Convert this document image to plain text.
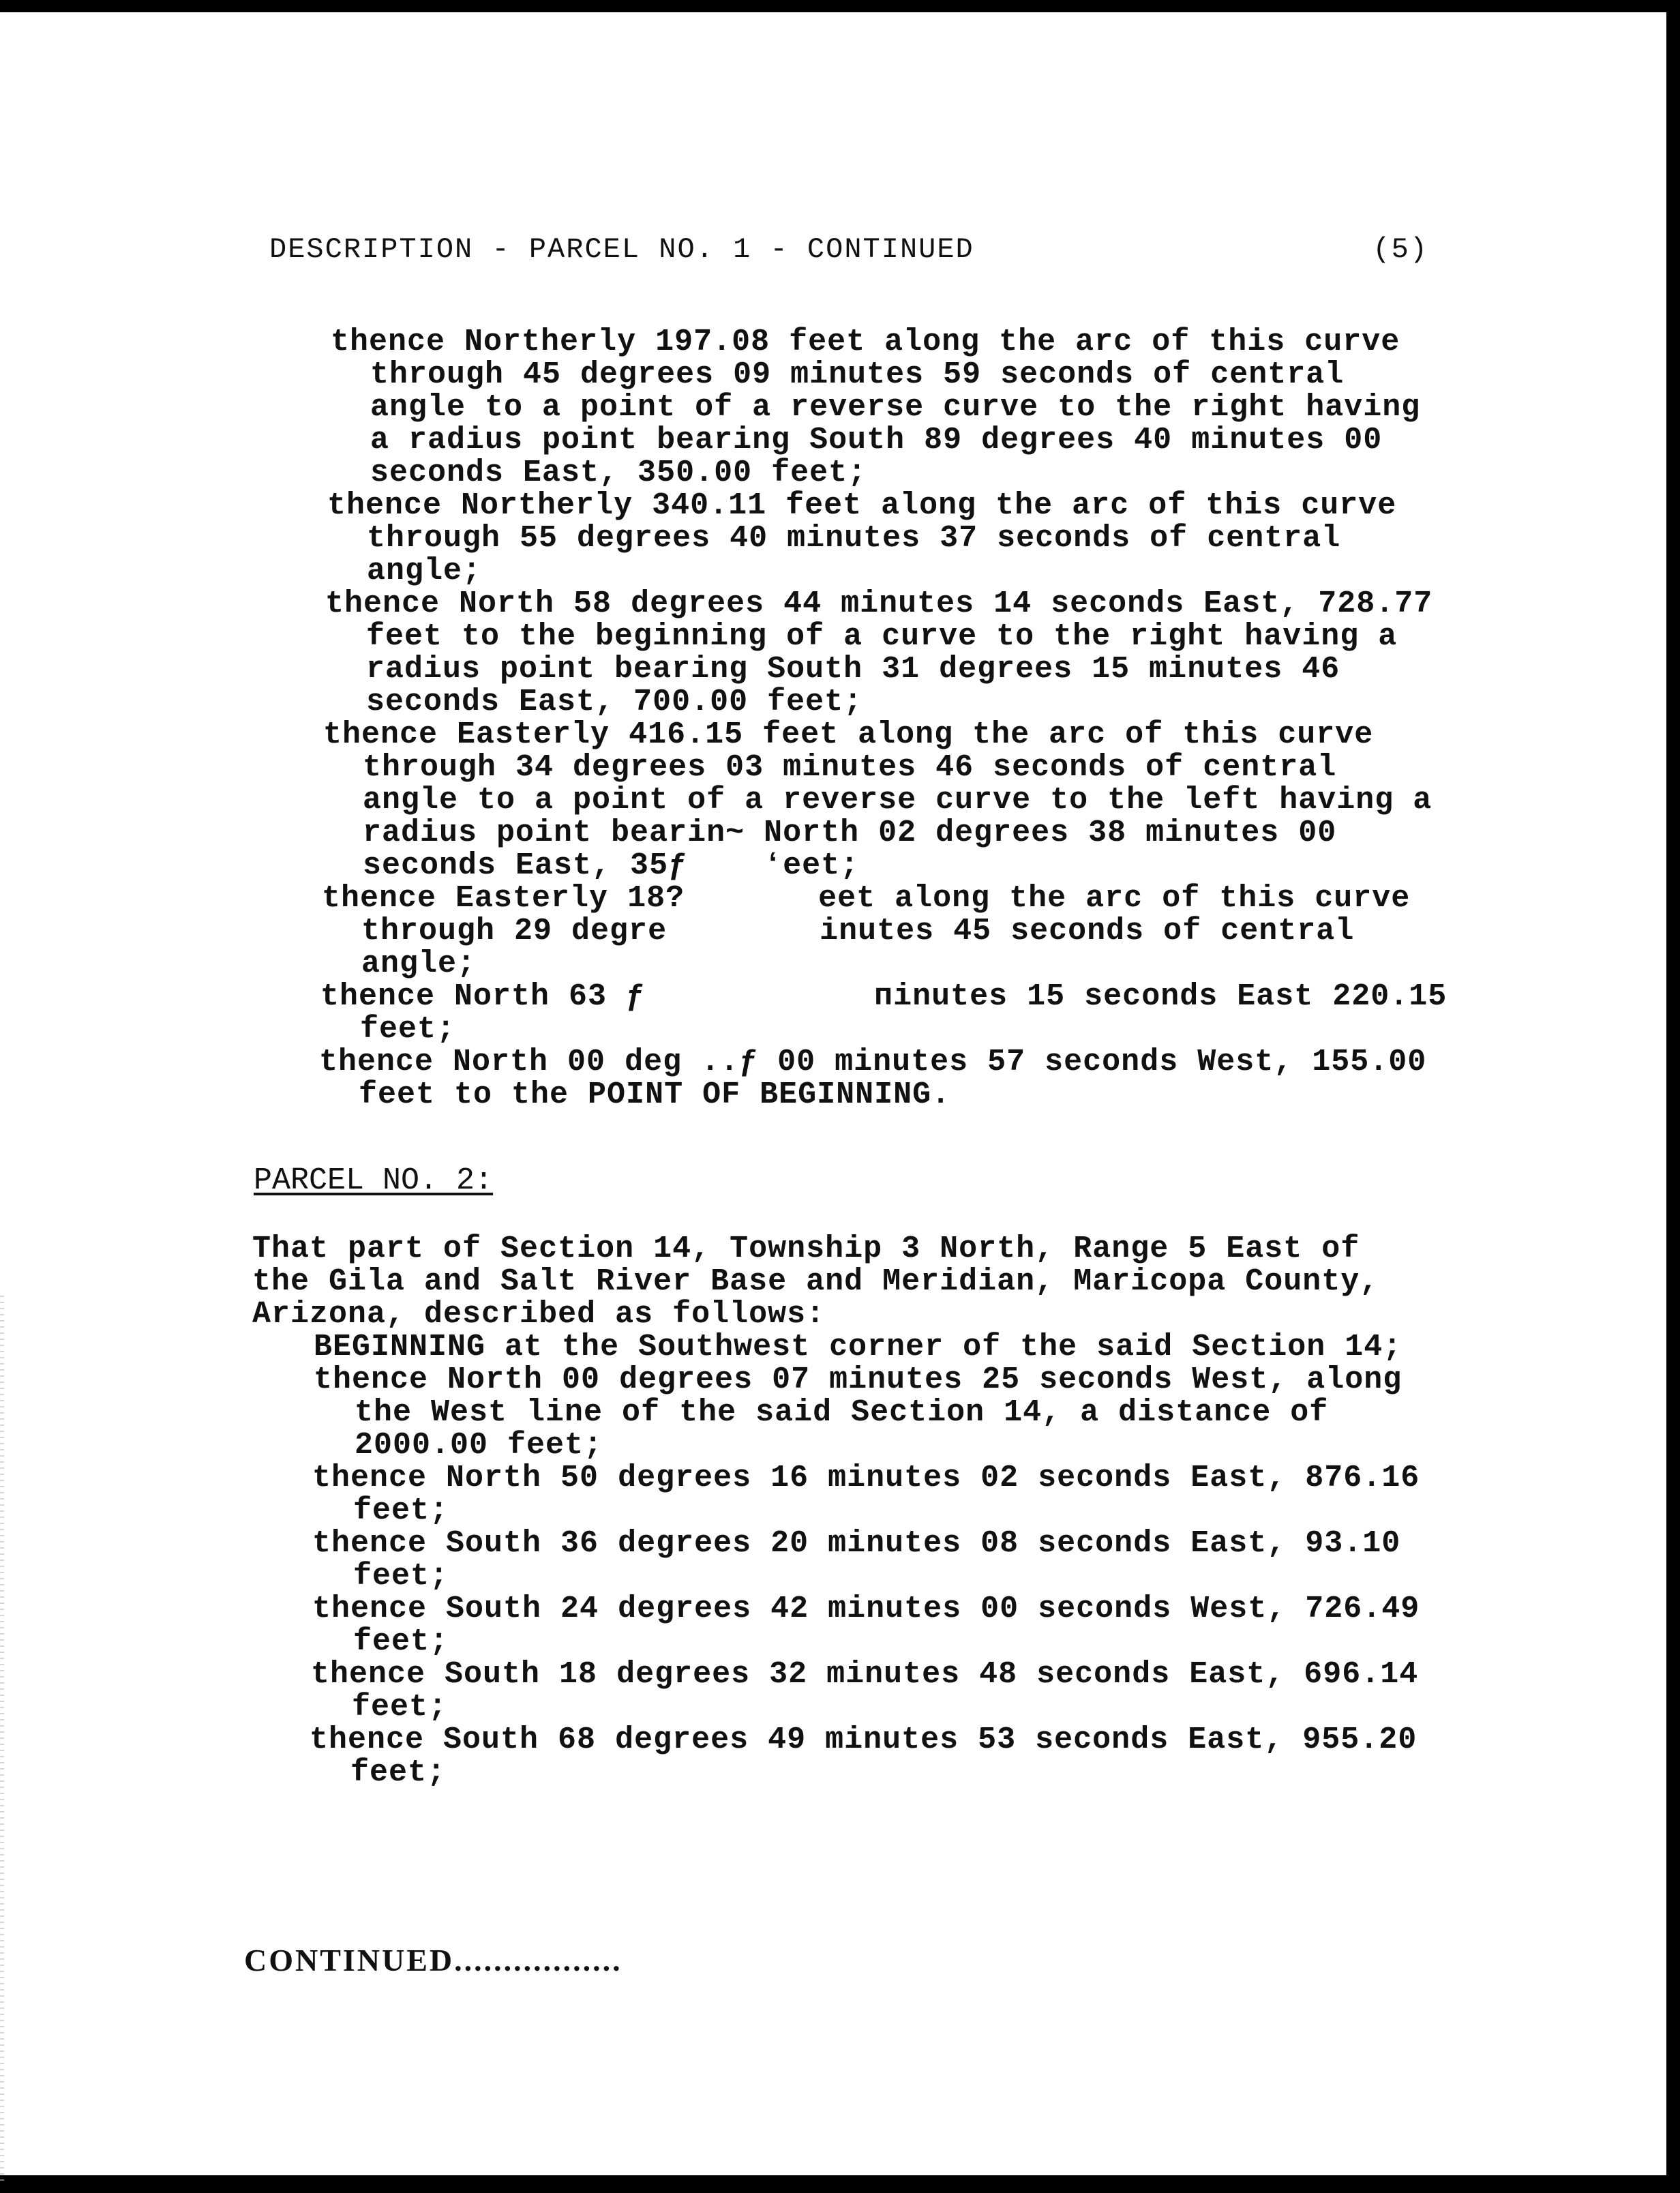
DESCRIPTION - PARCEL NO. 1 - CONTINUED	(5)
thence Northerly 197.08 feet along the arc of this curve
through 45 degrees 09 minutes 59 seconds of central
angle to a point of a reverse curve to the right having
a radius point bearing South 89 degrees 40 minutes 00
seconds East, 350.00 feet;
thence Northerly 340.11 feet along the arc of this curve
through 55 degrees 40 minutes 37 seconds of central
angle;
thence North 58 degrees 44 minutes 14 seconds East, 728.77
feet to the beginning of a curve to the right having a
radius point bearing South 31 degrees 15 minutes 46
seconds East, 700.00 feet;
thence Easterly 416.15 feet along the arc of this curve
through 34 degrees 03 minutes 46 seconds of central
angle to a point of a reverse curve to the left having a
radius point bearin~ North 02 degrees 38 minutes 00
seconds East, 35ƒ    ʻeet;
thence Easterly 18?       eet along the arc of this curve
through 29 degre        inutes 45 seconds of central
angle;
thence North 63 ƒ            пinutes 15 seconds East 220.15
feet;
thence North 00 deg ..ƒ 00 minutes 57 seconds West, 155.00
feet to the POINT OF BEGINNING.
PARCEL NO. 2:
That part of Section 14, Township 3 North, Range 5 East of
the Gila and Salt River Base and Meridian, Maricopa County,
Arizona, described as follows:
BEGINNING at the Southwest corner of the said Section 14;
thence North 00 degrees 07 minutes 25 seconds West, along
the West line of the said Section 14, a distance of
2000.00 feet;
thence North 50 degrees 16 minutes 02 seconds East, 876.16
feet;
thence South 36 degrees 20 minutes 08 seconds East, 93.10
feet;
thence South 24 degrees 42 minutes 00 seconds West, 726.49
feet;
thence South 18 degrees 32 minutes 48 seconds East, 696.14
feet;
thence South 68 degrees 49 minutes 53 seconds East, 955.20
feet;
CONTINUED.................
